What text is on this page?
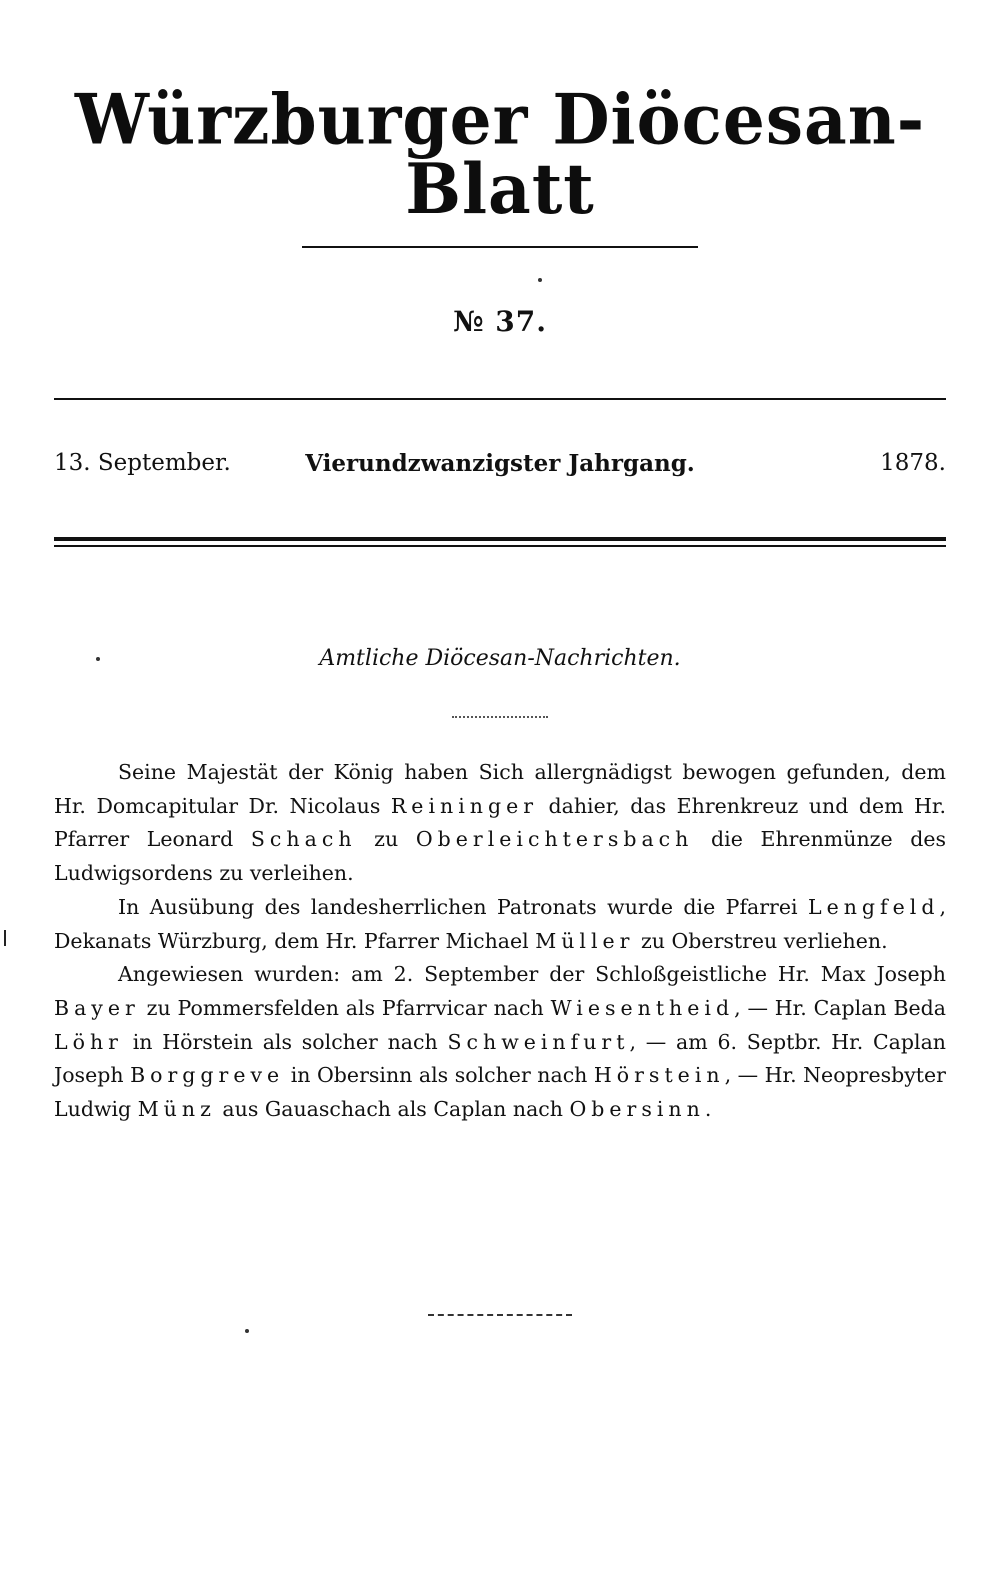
Würzburger Diöcesan-Blatt
№ 37.
13. September.	Vierundzwanzigster Jahrgang.	1878.
Amtliche Diöcesan-Nachrichten.

Seine Majestät der König haben Sich allergnädigst bewogen gefunden, dem Hr. Domcapitular Dr. Nicolaus Reininger dahier, das Ehrenkreuz und dem Hr. Pfarrer Leonard Schach zu Oberleichtersbach die Ehrenmünze des Ludwigsordens zu verleihen.

In Ausübung des landesherrlichen Patronats wurde die Pfarrei Lengfeld, Dekanats Würzburg, dem Hr. Pfarrer Michael Müller zu Oberstreu verliehen.

Angewiesen wurden: am 2. September der Schloßgeistliche Hr. Max Joseph Bayer zu Pommersfelden als Pfarrvicar nach Wiesentheid, — Hr. Caplan Beda Löhr in Hörstein als solcher nach Schweinfurt, — am 6. Septbr. Hr. Caplan Joseph Borggreve in Obersinn als solcher nach Hörstein, — Hr. Neopresbyter Ludwig Münz aus Gauaschach als Caplan nach Obersinn.
